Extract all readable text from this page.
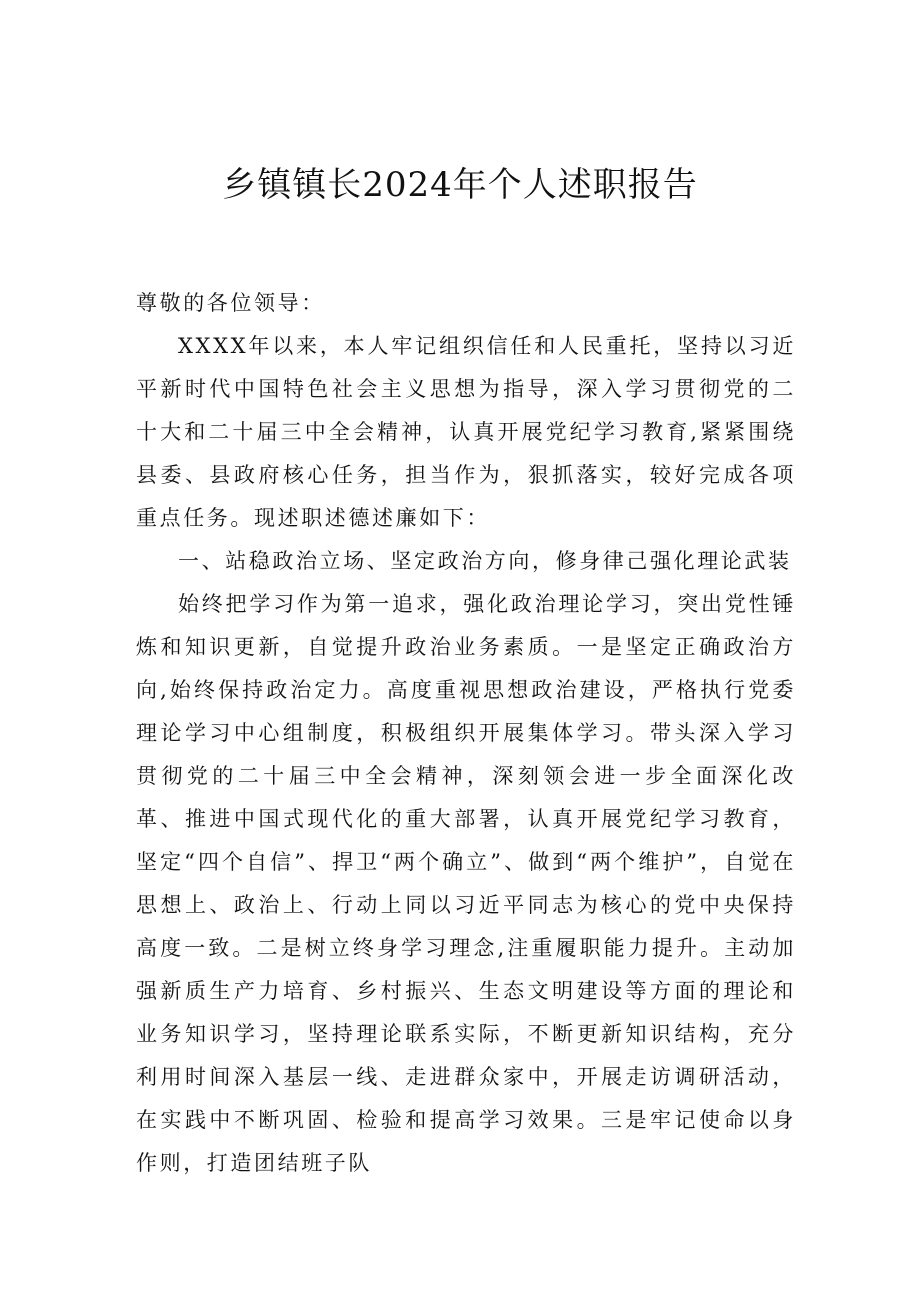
乡镇镇长2024年个人述职报告

尊敬的各位领导：

XXXX年以来，本人牢记组织信任和人民重托，坚持以习近平新时代中国特色社会主义思想为指导，深入学习贯彻党的二十大和二十届三中全会精神，认真开展党纪学习教育,紧紧围绕县委、县政府核心任务，担当作为，狠抓落实，较好完成各项重点任务。现述职述德述廉如下：

一、站稳政治立场、坚定政治方向，修身律己强化理论武装

始终把学习作为第一追求，强化政治理论学习，突出党性锤炼和知识更新，自觉提升政治业务素质。一是坚定正确政治方向,始终保持政治定力。高度重视思想政治建设，严格执行党委理论学习中心组制度，积极组织开展集体学习。带头深入学习贯彻党的二十届三中全会精神，深刻领会进一步全面深化改革、推进中国式现代化的重大部署，认真开展党纪学习教育，坚定“四个自信”、捍卫“两个确立”、做到“两个维护”，自觉在思想上、政治上、行动上同以习近平同志为核心的党中央保持高度一致。二是树立终身学习理念,注重履职能力提升。主动加强新质生产力培育、乡村振兴、生态文明建设等方面的理论和业务知识学习，坚持理论联系实际，不断更新知识结构，充分利用时间深入基层一线、走进群众家中，开展走访调研活动，在实践中不断巩固、检验和提高学习效果。三是牢记使命以身作则，打造团结班子队
